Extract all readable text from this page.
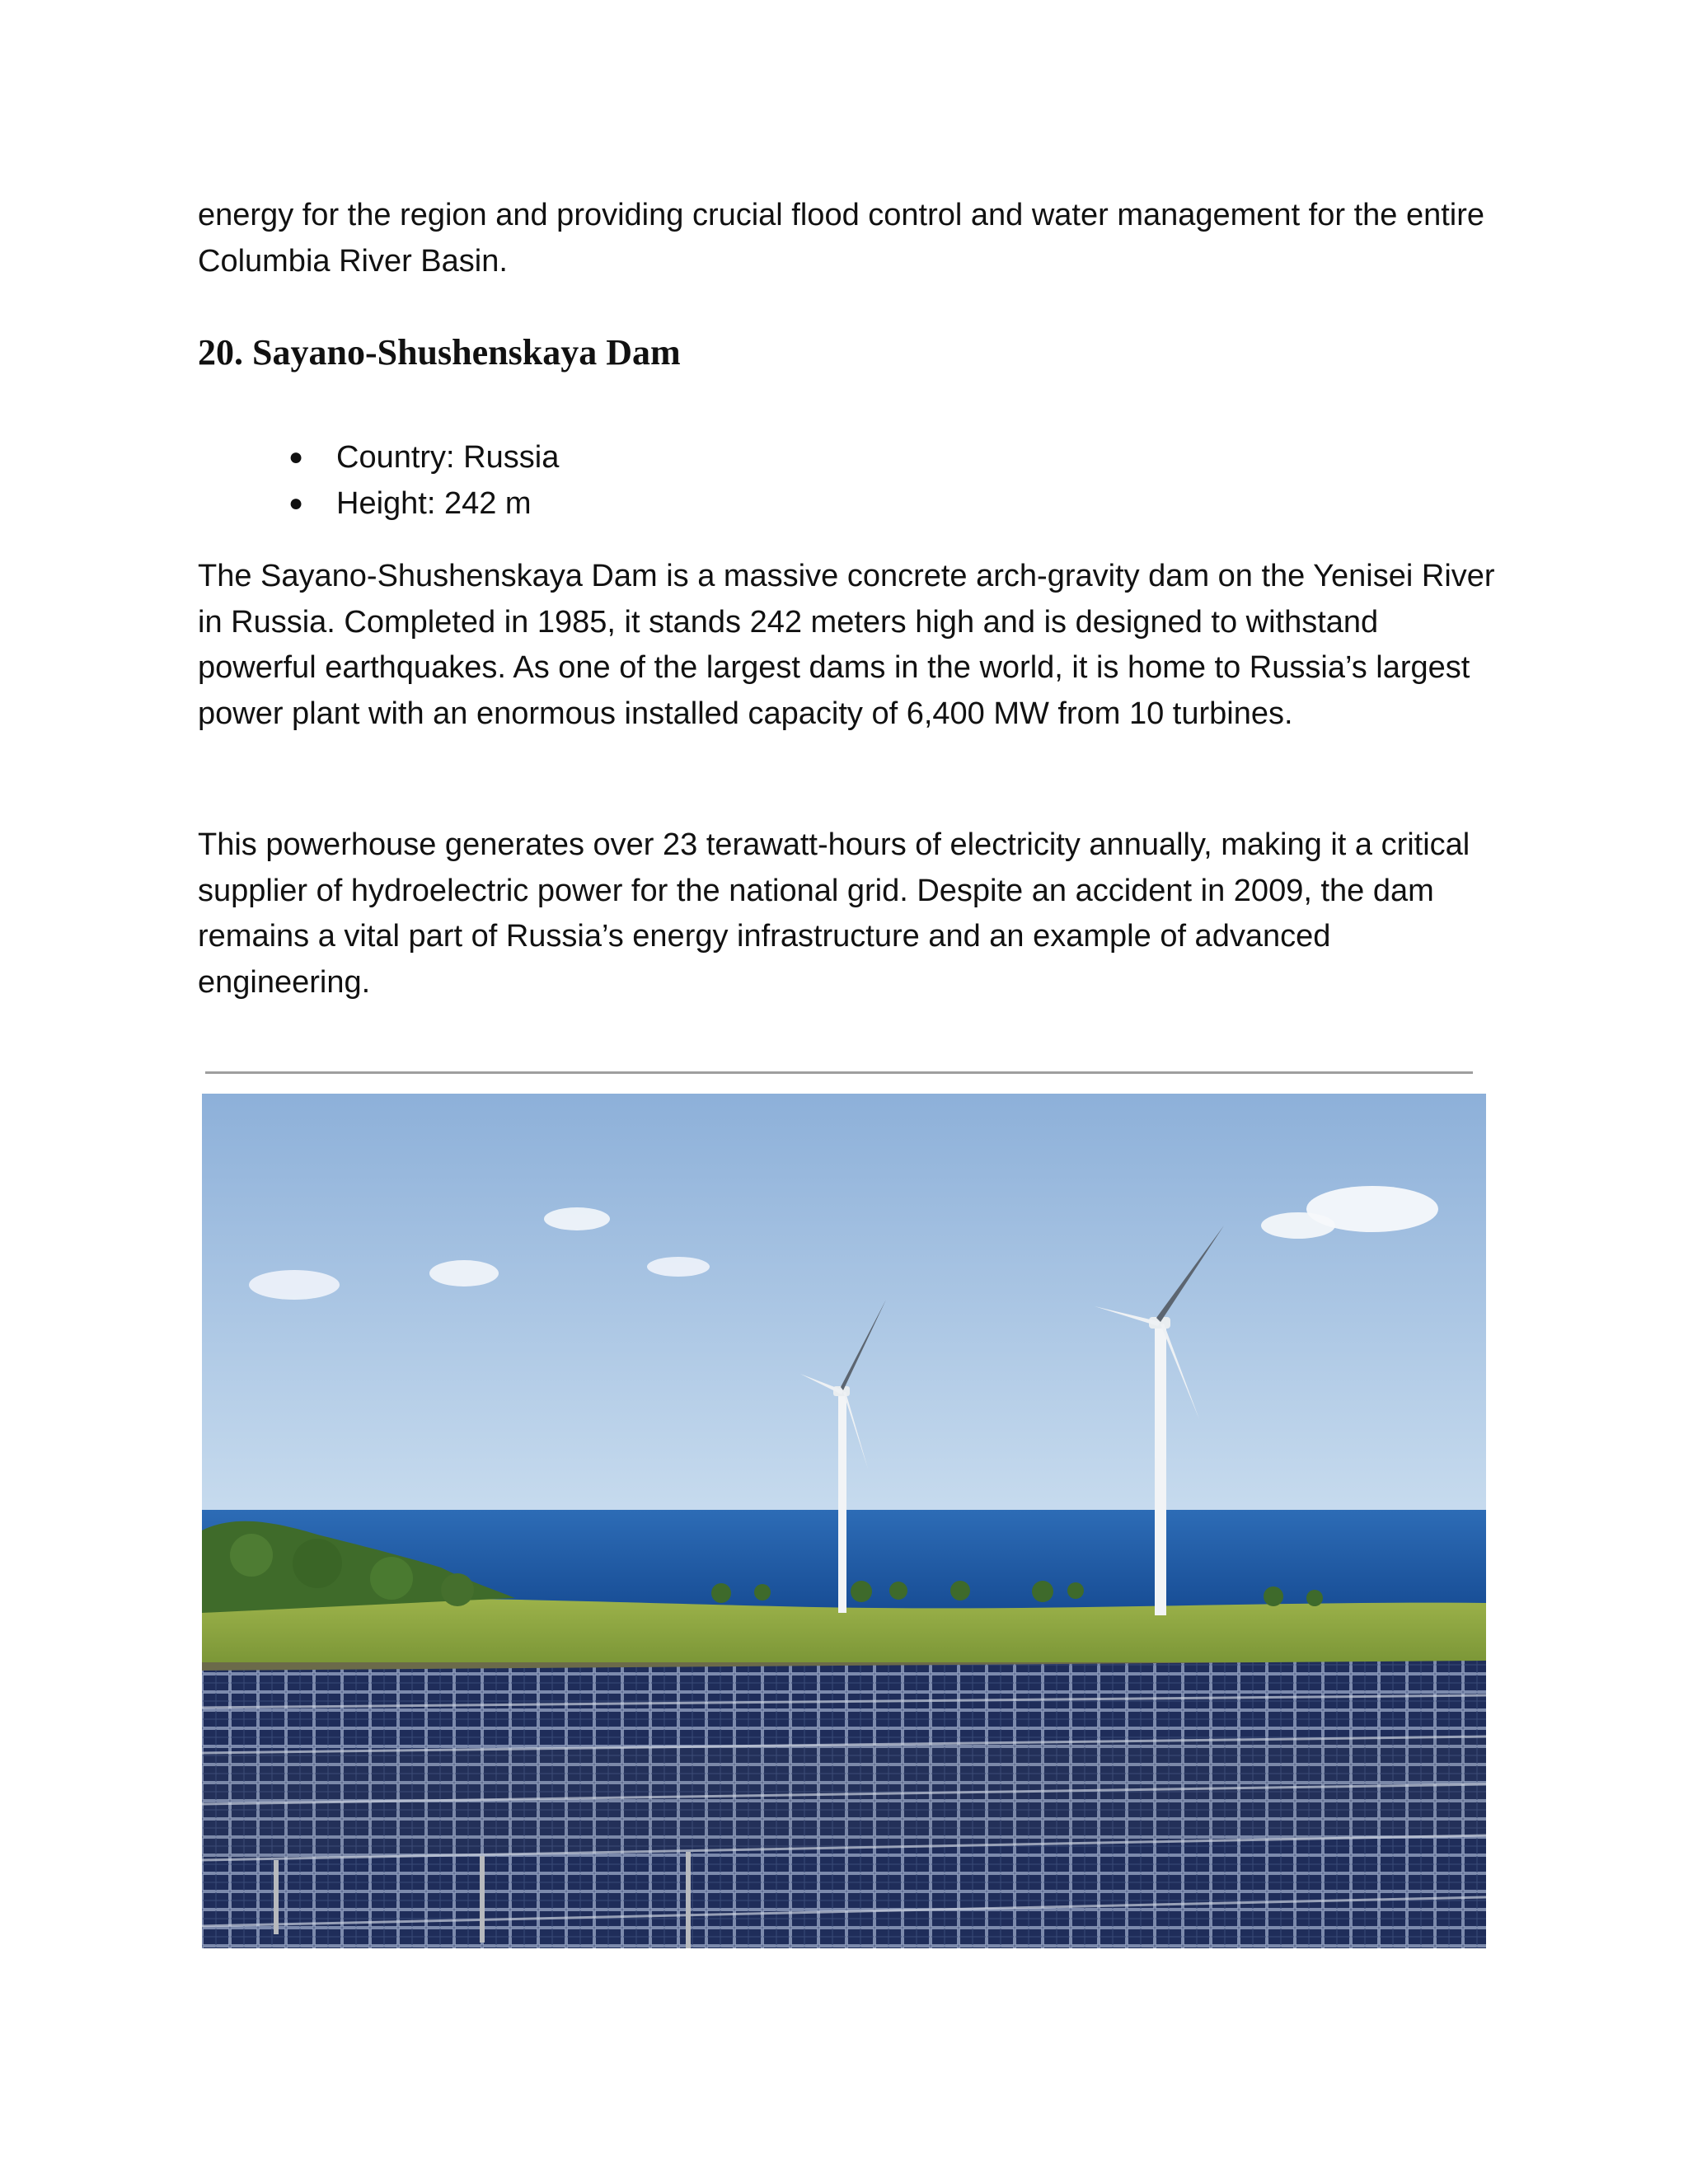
energy for the region and providing crucial flood control and water management for the entire Columbia River Basin.

20. Sayano-Shushenskaya Dam
● Country: Russia
● Height: 242 m

The Sayano-Shushenskaya Dam is a massive concrete arch-gravity dam on the Yenisei River in Russia. Completed in 1985, it stands 242 meters high and is designed to withstand powerful earthquakes. As one of the largest dams in the world, it is home to Russia’s largest power plant with an enormous installed capacity of 6,400 MW from 10 turbines.

This powerhouse generates over 23 terawatt-hours of electricity annually, making it a critical supplier of hydroelectric power for the national grid. Despite an accident in 2009, the dam remains a vital part of Russia’s energy infrastructure and an example of advanced engineering.
